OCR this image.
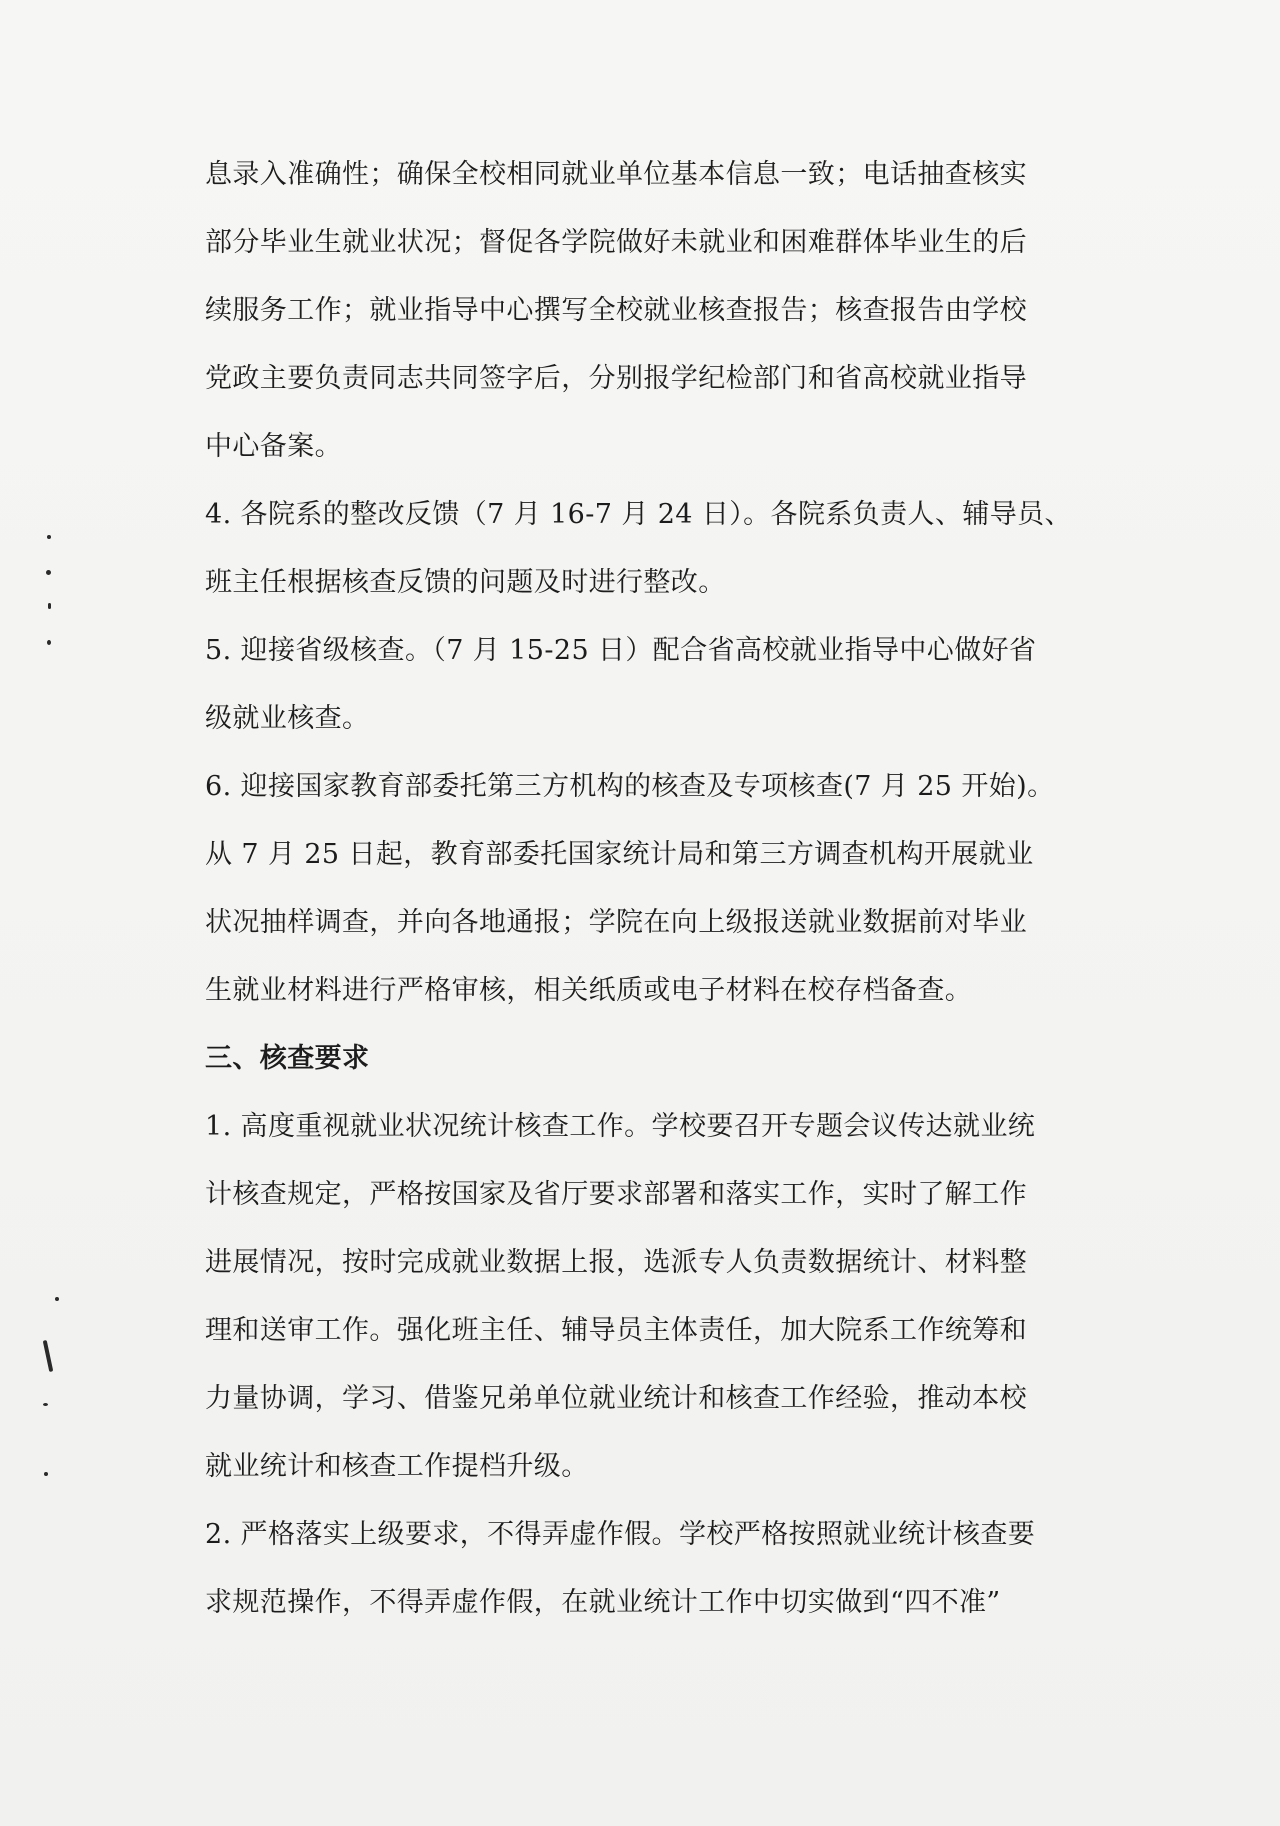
息录入准确性；确保全校相同就业单位基本信息一致；电话抽查核实
部分毕业生就业状况；督促各学院做好未就业和困难群体毕业生的后
续服务工作；就业指导中心撰写全校就业核查报告；核查报告由学校
党政主要负责同志共同签字后，分别报学纪检部门和省高校就业指导
中心备案。
4. 各院系的整改反馈（7 月 16-7 月 24 日）。各院系负责人、辅导员、
班主任根据核查反馈的问题及时进行整改。
5. 迎接省级核查。（7 月 15-25 日）配合省高校就业指导中心做好省
级就业核查。
6. 迎接国家教育部委托第三方机构的核查及专项核查(7 月 25 开始)。
从 7 月 25 日起，教育部委托国家统计局和第三方调查机构开展就业
状况抽样调查，并向各地通报；学院在向上级报送就业数据前对毕业
生就业材料进行严格审核，相关纸质或电子材料在校存档备查。
三、核查要求
1. 高度重视就业状况统计核查工作。学校要召开专题会议传达就业统
计核查规定，严格按国家及省厅要求部署和落实工作，实时了解工作
进展情况，按时完成就业数据上报，选派专人负责数据统计、材料整
理和送审工作。强化班主任、辅导员主体责任，加大院系工作统筹和
力量协调，学习、借鉴兄弟单位就业统计和核查工作经验，推动本校
就业统计和核查工作提档升级。
2. 严格落实上级要求，不得弄虚作假。学校严格按照就业统计核查要
求规范操作，不得弄虚作假，在就业统计工作中切实做到“四不准”
